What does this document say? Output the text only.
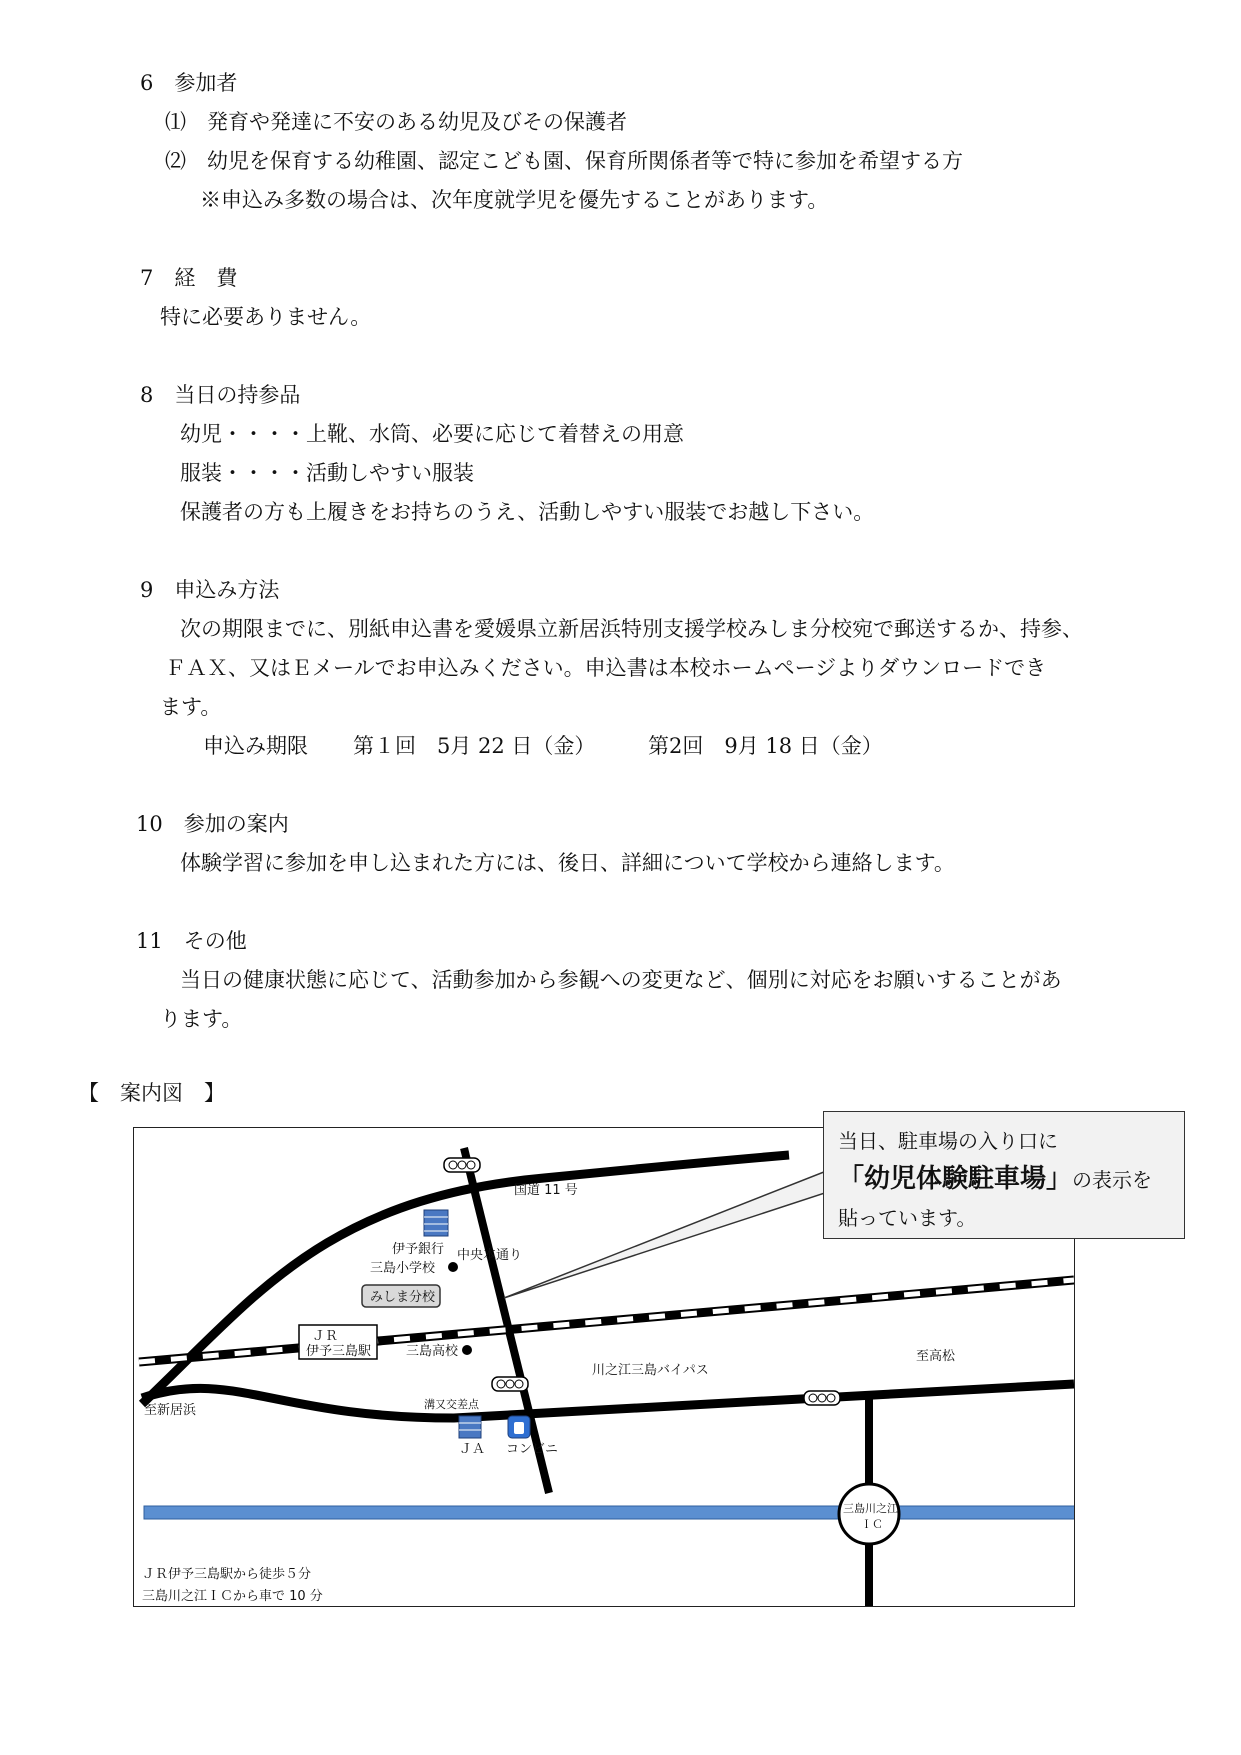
6　参加者
⑴　発育や発達に不安のある幼児及びその保護者
⑵　幼児を保育する幼稚園、認定こども園、保育所関係者等で特に参加を希望する方
※申込み多数の場合は、次年度就学児を優先することがあります。
7　経　費
特に必要ありません。
8　当日の持参品
幼児・・・・上靴、水筒、必要に応じて着替えの用意
服装・・・・活動しやすい服装
保護者の方も上履きをお持ちのうえ、活動しやすい服装でお越し下さい。
9　申込み方法
次の期限までに、別紙申込書を愛媛県立新居浜特別支援学校みしま分校宛で郵送するか、持参、
ＦＡＸ、又はＥメールでお申込みください。申込書は本校ホームページよりダウンロードでき
ます。
申込み期限 第１回　5月 22 日（金）	第2回　9月 18 日（金）
10　参加の案内
体験学習に参加を申し込まれた方には、後日、詳細について学校から連絡します。
11　その他
当日の健康状態に応じて、活動参加から参観への変更など、個別に対応をお願いすることがあ
ります。
【　案内図　】
ＪＲ
伊予三島駅
みしま分校
三島小学校
三島高校
伊予銀行 中央本通り
国道 11 号
溝又交差点
ＪＡ コンビニ
川之江三島バイパス
至高松
至新居浜
三島川之江
ＩＣ
ＪＲ伊予三島駅から徒歩５分
三島川之江ＩＣから車で 10 分
当日、駐車場の入り口に
「幼児体験駐車場」の表示を
貼っています。
